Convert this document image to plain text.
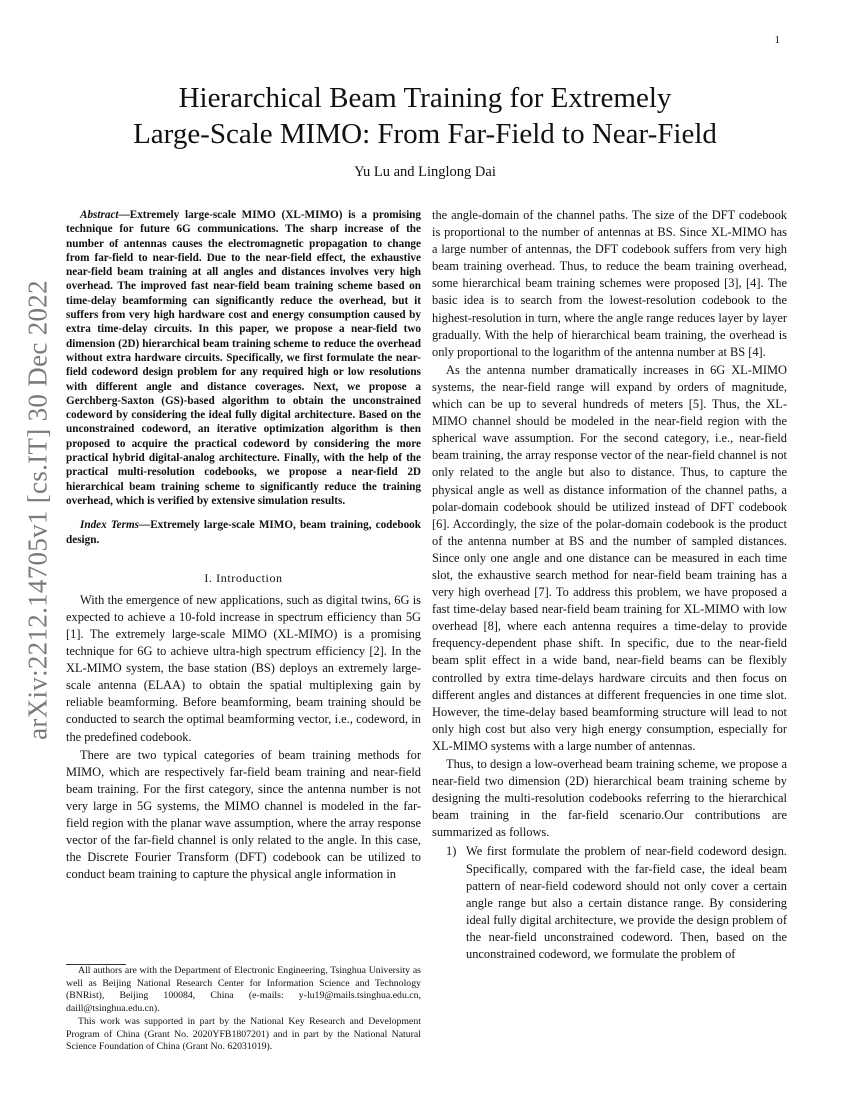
1
arXiv:2212.14705v1 [cs.IT] 30 Dec 2022
Hierarchical Beam Training for Extremely
Large-Scale MIMO: From Far-Field to Near-Field
Yu Lu and Linglong Dai

Abstract—Extremely large-scale MIMO (XL-MIMO) is a promising technique for future 6G communications. The sharp increase of the number of antennas causes the electromagnetic propagation to change from far-field to near-field. Due to the near-field effect, the exhaustive near-field beam training at all angles and distances involves very high overhead. The improved fast near-field beam training scheme based on time-delay beamforming can significantly reduce the overhead, but it suffers from very high hardware cost and energy consumption caused by extra time-delay circuits. In this paper, we propose a near-field two dimension (2D) hierarchical beam training scheme to reduce the overhead without extra hardware circuits. Specifically, we first formulate the near-field codeword design problem for any required high or low resolutions with different angle and distance coverages. Next, we propose a Gerchberg-Saxton (GS)-based algorithm to obtain the unconstrained codeword by considering the ideal fully digital architecture. Based on the unconstrained codeword, an iterative optimization algorithm is then proposed to acquire the practical codeword by considering the more practical hybrid digital-analog architecture. Finally, with the help of the practical multi-resolution codebooks, we propose a near-field 2D hierarchical beam training scheme to significantly reduce the training overhead, which is verified by extensive simulation results.

Index Terms—Extremely large-scale MIMO, beam training, codebook design.

I. Introduction

With the emergence of new applications, such as digital twins, 6G is expected to achieve a 10-fold increase in spectrum efficiency than 5G [1]. The extremely large-scale MIMO (XL-MIMO) is a promising technique for 6G to achieve ultra-high spectrum efficiency [2]. In the XL-MIMO system, the base station (BS) deploys an extremely large-scale antenna (ELAA) to obtain the spatial multiplexing gain by reliable beamforming. Before beamforming, beam training should be conducted to search the optimal beamforming vector, i.e., codeword, in the predefined codebook.

There are two typical categories of beam training methods for MIMO, which are respectively far-field beam training and near-field beam training. For the first category, since the antenna number is not very large in 5G systems, the MIMO channel is modeled in the far-field region with the planar wave assumption, where the array response vector of the far-field channel is only related to the angle. In this case, the Discrete Fourier Transform (DFT) codebook can be utilized to conduct beam training to capture the physical angle information in

All authors are with the Department of Electronic Engineering, Tsinghua University as well as Beijing National Research Center for Information Science and Technology (BNRist), Beijing 100084, China (e-mails: y-lu19@mails.tsinghua.edu.cn, daill@tsinghua.edu.cn).

This work was supported in part by the National Key Research and Development Program of China (Grant No. 2020YFB1807201) and in part by the National Natural Science Foundation of China (Grant No. 62031019).

the angle-domain of the channel paths. The size of the DFT codebook is proportional to the number of antennas at BS. Since XL-MIMO has a large number of antennas, the DFT codebook suffers from very high beam training overhead. Thus, to reduce the beam training overhead, some hierarchical beam training schemes were proposed [3], [4]. The basic idea is to search from the lowest-resolution codebook to the highest-resolution in turn, where the angle range reduces layer by layer gradually. With the help of hierarchical beam training, the overhead is only proportional to the logarithm of the antenna number at BS [4].

As the antenna number dramatically increases in 6G XL-MIMO systems, the near-field range will expand by orders of magnitude, which can be up to several hundreds of meters [5]. Thus, the XL-MIMO channel should be modeled in the near-field region with the spherical wave assumption. For the second category, i.e., near-field beam training, the array response vector of the near-field channel is not only related to the angle but also to distance. Thus, to capture the physical angle as well as distance information of the channel paths, a polar-domain codebook should be utilized instead of DFT codebook [6]. Accordingly, the size of the polar-domain codebook is the product of the antenna number at BS and the number of sampled distances. Since only one angle and one distance can be measured in each time slot, the exhaustive search method for near-field beam training has a very high overhead [7]. To address this problem, we have proposed a fast time-delay based near-field beam training for XL-MIMO with low overhead [8], where each antenna requires a time-delay to provide frequency-dependent phase shift. In specific, due to the near-field beam split effect in a wide band, near-field beams can be flexibly controlled by extra time-delays hardware circuits and then focus on different angles and distances at different frequencies in one time slot. However, the time-delay based beamforming structure will lead to not only high cost but also very high energy consumption, especially for XL-MIMO systems with a large number of antennas.

Thus, to design a low-overhead beam training scheme, we propose a near-field two dimension (2D) hierarchical beam training scheme by designing the multi-resolution codebooks referring to the hierarchical beam training in the far-field scenario.Our contributions are summarized as follows.

1) We first formulate the problem of near-field codeword design. Specifically, compared with the far-field case, the ideal beam pattern of near-field codeword should not only cover a certain angle range but also a certain distance range. By considering ideal fully digital architecture, we provide the design problem of the near-field unconstrained codeword. Then, based on the unconstrained codeword, we formulate the problem of
